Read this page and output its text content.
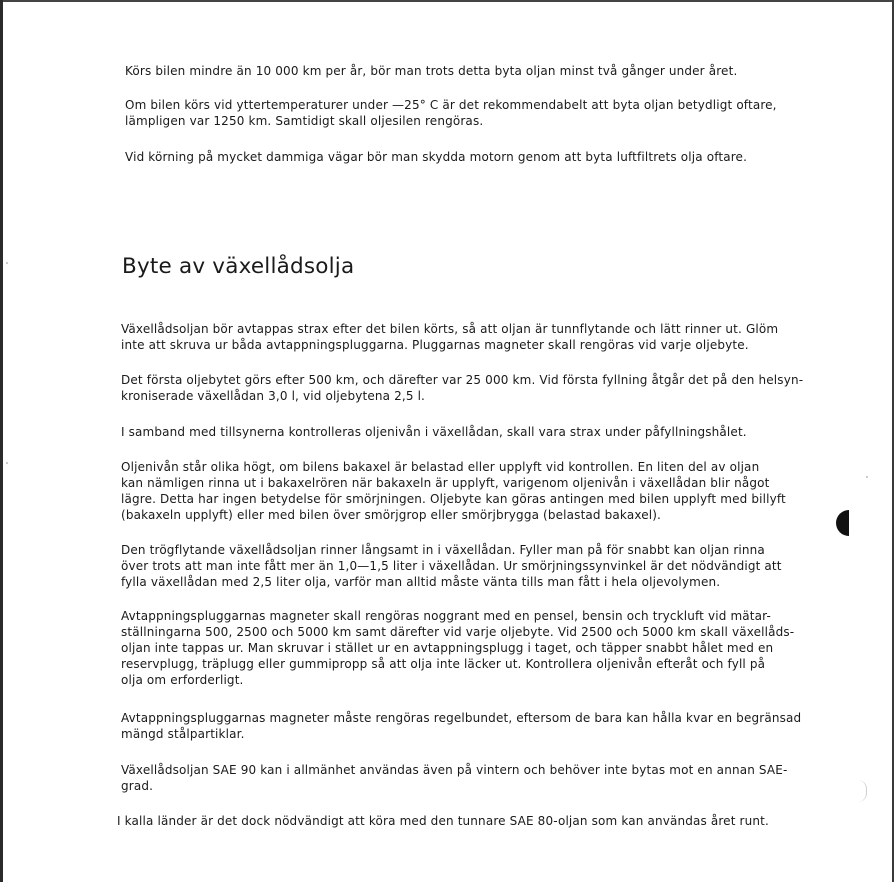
Körs bilen mindre än 10 000 km per år, bör man trots detta byta oljan minst två gånger under året.
Om bilen körs vid yttertemperaturer under —25° C är det rekommendabelt att byta oljan betydligt oftare,
lämpligen var 1250 km. Samtidigt skall oljesilen rengöras.
Vid körning på mycket dammiga vägar bör man skydda motorn genom att byta luftfiltrets olja oftare.
Byte av växellådsolja
Växellådsoljan bör avtappas strax efter det bilen körts, så att oljan är tunnflytande och lätt rinner ut. Glöm
inte att skruva ur båda avtappningspluggarna. Pluggarnas magneter skall rengöras vid varje oljebyte.
Det första oljebytet görs efter 500 km, och därefter var 25 000 km. Vid första fyllning åtgår det på den helsyn-
kroniserade växellådan 3,0 l, vid oljebytena 2,5 l.
I samband med tillsynerna kontrolleras oljenivån i växellådan, skall vara strax under påfyllningshålet.
Oljenivån står olika högt, om bilens bakaxel är belastad eller upplyft vid kontrollen. En liten del av oljan
kan nämligen rinna ut i bakaxelrören när bakaxeln är upplyft, varigenom oljenivån i växellådan blir något
lägre. Detta har ingen betydelse för smörjningen. Oljebyte kan göras antingen med bilen upplyft med billyft
(bakaxeln upplyft) eller med bilen över smörjgrop eller smörjbrygga (belastad bakaxel).
Den trögflytande växellådsoljan rinner långsamt in i växellådan. Fyller man på för snabbt kan oljan rinna
över trots att man inte fått mer än 1,0—1,5 liter i växellådan. Ur smörjningssynvinkel är det nödvändigt att
fylla växellådan med 2,5 liter olja, varför man alltid måste vänta tills man fått i hela oljevolymen.
Avtappningspluggarnas magneter skall rengöras noggrant med en pensel, bensin och tryckluft vid mätar-
ställningarna 500, 2500 och 5000 km samt därefter vid varje oljebyte. Vid 2500 och 5000 km skall växellåds-
oljan inte tappas ur. Man skruvar i stället ur en avtappningsplugg i taget, och täpper snabbt hålet med en
reservplugg, träplugg eller gummipropp så att olja inte läcker ut. Kontrollera oljenivån efteråt och fyll på
olja om erforderligt.
Avtappningspluggarnas magneter måste rengöras regelbundet, eftersom de bara kan hålla kvar en begränsad
mängd stålpartiklar.
Växellådsoljan SAE 90 kan i allmänhet användas även på vintern och behöver inte bytas mot en annan SAE-
grad.
I kalla länder är det dock nödvändigt att köra med den tunnare SAE 80-oljan som kan användas året runt.
